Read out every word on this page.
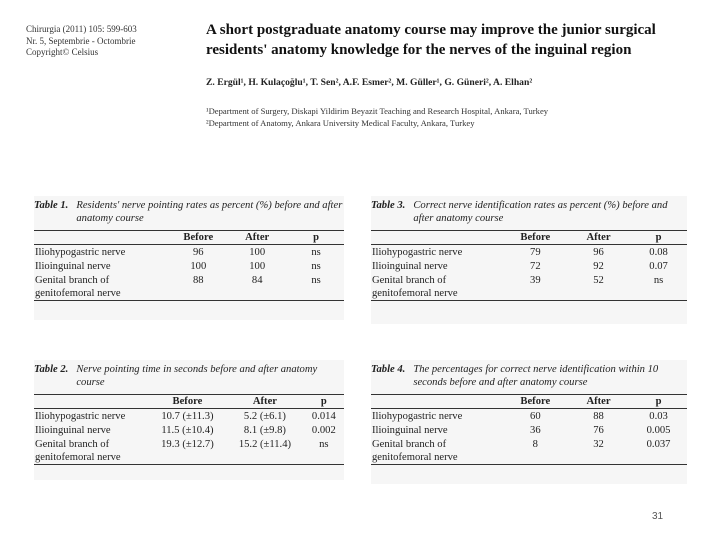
Chirurgia (2011) 105: 599-603
Nr. 5, Septembrie - Octombrie
Copyright© Celsius
A short postgraduate anatomy course may improve the junior surgical residents' anatomy knowledge for the nerves of the inguinal region
Z. Ergül¹, H. Kulaçoğlu¹, T. Sen², A.F. Esmer², M. Güller¹, G. Güneri², A. Elhan²
¹Department of Surgery, Diskapi Yildirim Beyazit Teaching and Research Hospital, Ankara, Turkey
²Department of Anatomy, Ankara University Medical Faculty, Ankara, Turkey
Table 1. Residents' nerve pointing rates as percent (%) before and after anatomy course
	Before	After	p
Iliohypogastric nerve	96	100	ns
Ilioinguinal nerve	100	100	ns
Genital branch of
genitofemoral nerve	88	84	ns
Table 3. Correct nerve identification rates as percent (%) before and after anatomy course
	Before	After	p
Iliohypogastric nerve	79	96	0.08
Ilioinguinal nerve	72	92	0.07
Genital branch of
genitofemoral nerve	39	52	ns
Table 2. Nerve pointing time in seconds before and after anatomy course
	Before	After	p
Iliohypogastric nerve	10.7 (±11.3)	5.2 (±6.1)	0.014
Ilioinguinal nerve	11.5 (±10.4)	8.1 (±9.8)	0.002
Genital branch of
genitofemoral nerve	19.3 (±12.7)	15.2 (±11.4)	ns
Table 4. The percentages for correct nerve identification within 10 seconds before and after anatomy course
	Before	After	p
Iliohypogastric nerve	60	88	0.03
Ilioinguinal nerve	36	76	0.005
Genital branch of
genitofemoral nerve	8	32	0.037
31
